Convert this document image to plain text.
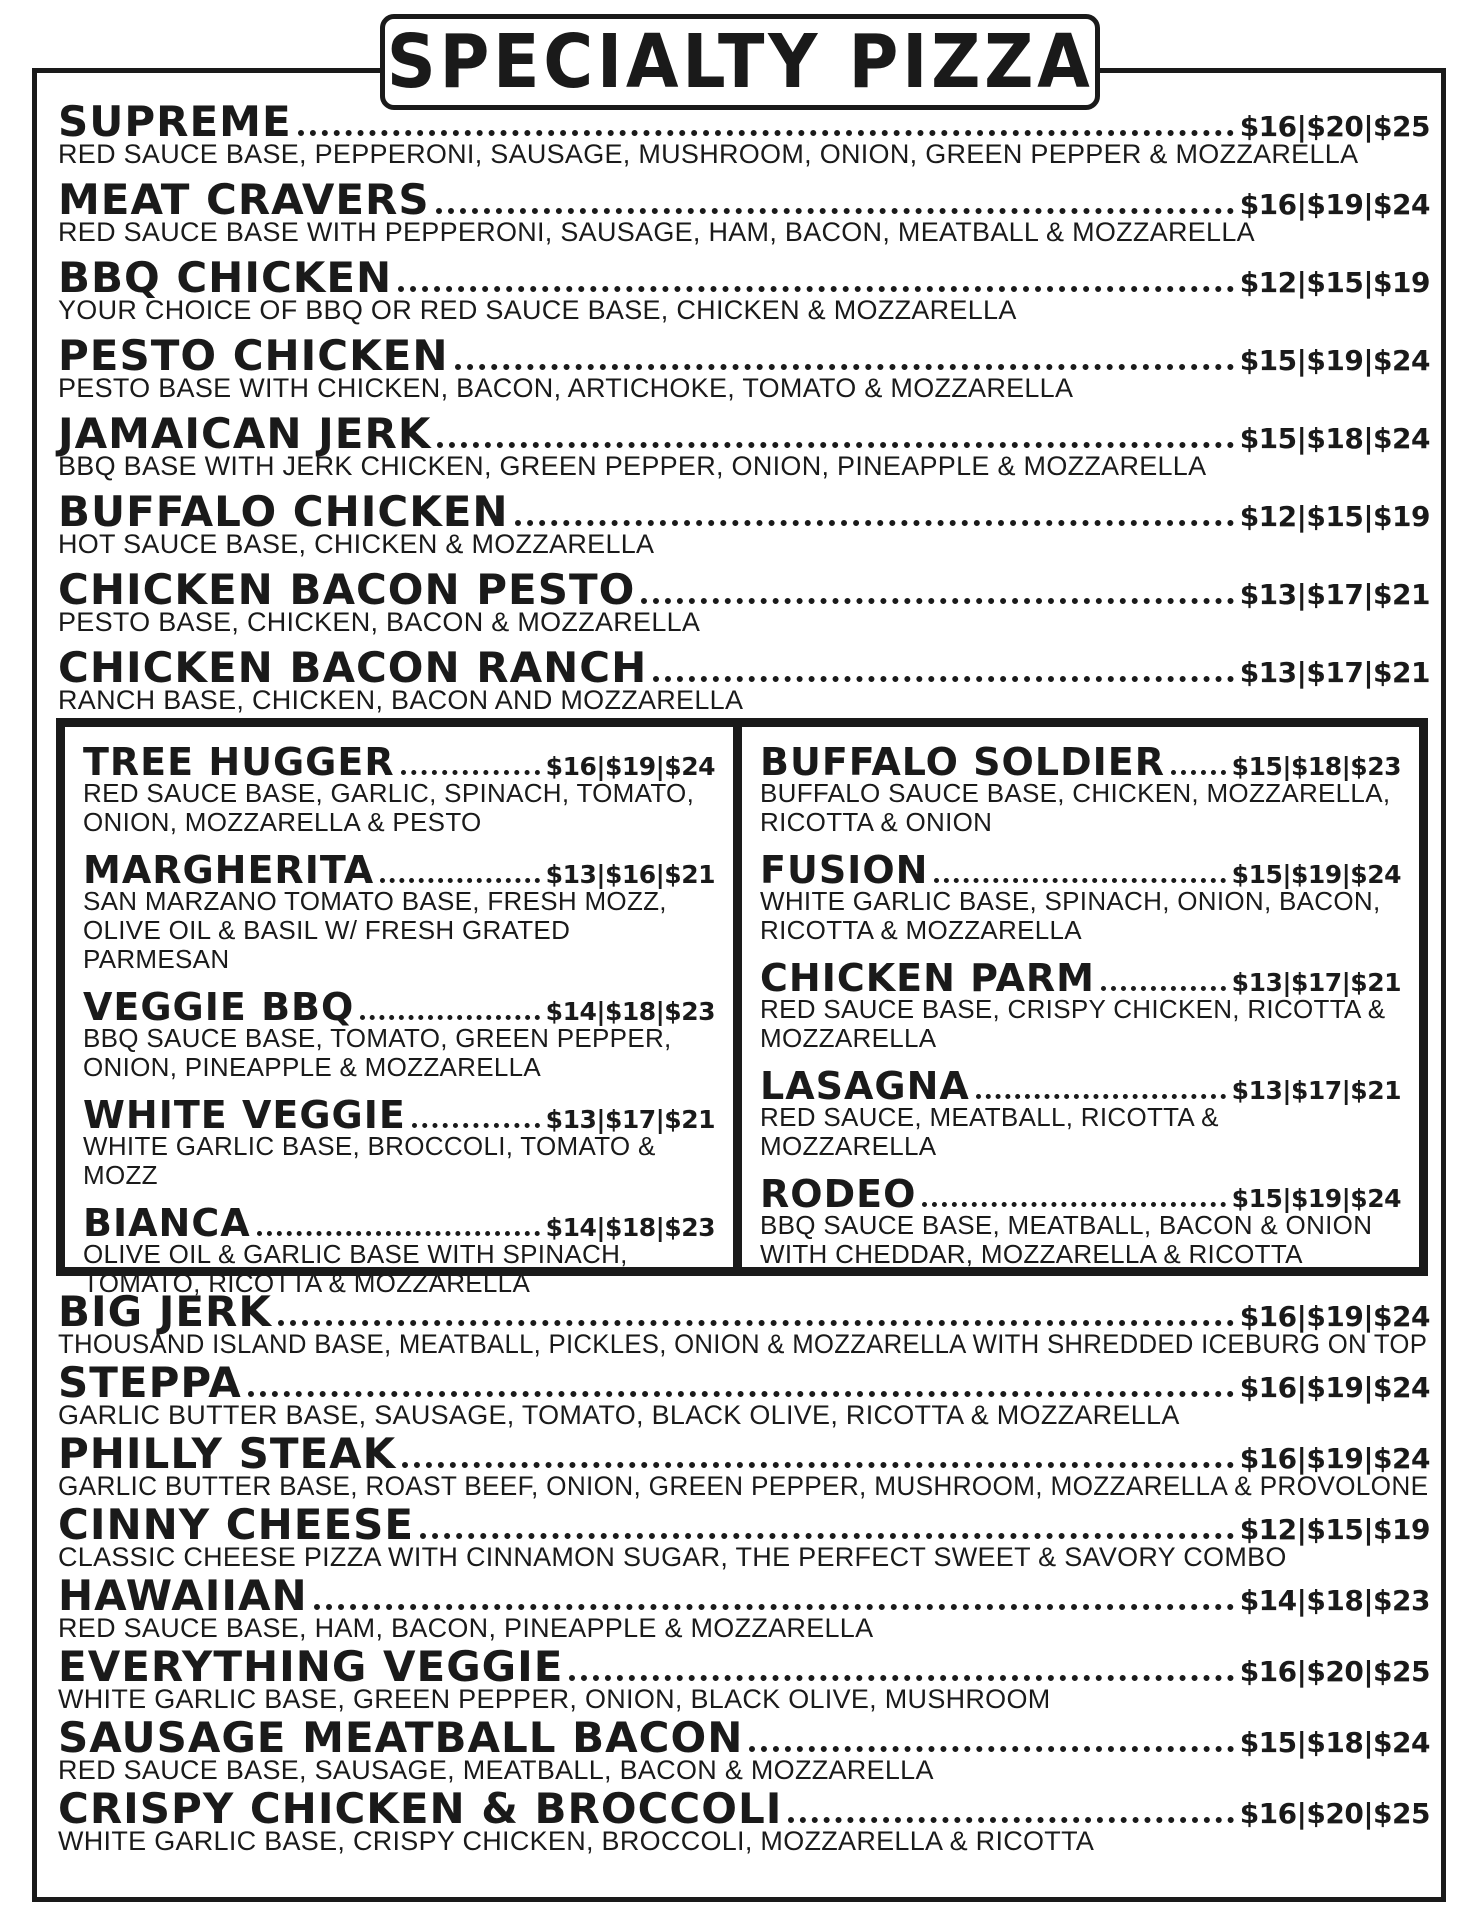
SPECIALTY PIZZA
SUPREME	$16|$20|$25
RED SAUCE BASE, PEPPERONI, SAUSAGE, MUSHROOM, ONION, GREEN PEPPER & MOZZARELLA
MEAT CRAVERS	$16|$19|$24
RED SAUCE BASE WITH PEPPERONI, SAUSAGE, HAM, BACON, MEATBALL & MOZZARELLA
BBQ CHICKEN	$12|$15|$19
YOUR CHOICE OF BBQ OR RED SAUCE BASE, CHICKEN & MOZZARELLA
PESTO CHICKEN	$15|$19|$24
PESTO BASE WITH CHICKEN, BACON, ARTICHOKE, TOMATO & MOZZARELLA
JAMAICAN JERK	$15|$18|$24
BBQ BASE WITH JERK CHICKEN, GREEN PEPPER, ONION, PINEAPPLE & MOZZARELLA
BUFFALO CHICKEN	$12|$15|$19
HOT SAUCE BASE, CHICKEN & MOZZARELLA
CHICKEN BACON PESTO	$13|$17|$21
PESTO BASE, CHICKEN, BACON & MOZZARELLA
CHICKEN BACON RANCH	$13|$17|$21
RANCH BASE, CHICKEN, BACON AND MOZZARELLA
TREE HUGGER	$16|$19|$24
RED SAUCE BASE, GARLIC, SPINACH, TOMATO, ONION, MOZZARELLA & PESTO
MARGHERITA	$13|$16|$21
SAN MARZANO TOMATO BASE, FRESH MOZZ, OLIVE OIL & BASIL W/ FRESH GRATED PARMESAN
VEGGIE BBQ	$14|$18|$23
BBQ SAUCE BASE, TOMATO, GREEN PEPPER, ONION, PINEAPPLE & MOZZARELLA
WHITE VEGGIE	$13|$17|$21
WHITE GARLIC BASE, BROCCOLI, TOMATO & MOZZ
BIANCA	$14|$18|$23
OLIVE OIL & GARLIC BASE WITH SPINACH, TOMATO, RICOTTA & MOZZARELLA
BUFFALO SOLDIER	$15|$18|$23
BUFFALO SAUCE BASE, CHICKEN, MOZZARELLA, RICOTTA & ONION
FUSION	$15|$19|$24
WHITE GARLIC BASE, SPINACH, ONION, BACON, RICOTTA & MOZZARELLA
CHICKEN PARM	$13|$17|$21
RED SAUCE BASE, CRISPY CHICKEN, RICOTTA & MOZZARELLA
LASAGNA	$13|$17|$21
RED SAUCE, MEATBALL, RICOTTA & MOZZARELLA
RODEO	$15|$19|$24
BBQ SAUCE BASE, MEATBALL, BACON & ONION WITH CHEDDAR, MOZZARELLA & RICOTTA
BIG JERK	$16|$19|$24
THOUSAND ISLAND BASE, MEATBALL, PICKLES, ONION & MOZZARELLA WITH SHREDDED ICEBURG ON TOP
STEPPA	$16|$19|$24
GARLIC BUTTER BASE, SAUSAGE, TOMATO, BLACK OLIVE, RICOTTA & MOZZARELLA
PHILLY STEAK	$16|$19|$24
GARLIC BUTTER BASE, ROAST BEEF, ONION, GREEN PEPPER, MUSHROOM, MOZZARELLA & PROVOLONE
CINNY CHEESE	$12|$15|$19
CLASSIC CHEESE PIZZA WITH CINNAMON SUGAR, THE PERFECT SWEET & SAVORY COMBO
HAWAIIAN	$14|$18|$23
RED SAUCE BASE, HAM, BACON, PINEAPPLE & MOZZARELLA
EVERYTHING VEGGIE	$16|$20|$25
WHITE GARLIC BASE, GREEN PEPPER, ONION, BLACK OLIVE, MUSHROOM
SAUSAGE MEATBALL BACON	$15|$18|$24
RED SAUCE BASE, SAUSAGE, MEATBALL, BACON & MOZZARELLA
CRISPY CHICKEN & BROCCOLI	$16|$20|$25
WHITE GARLIC BASE, CRISPY CHICKEN, BROCCOLI, MOZZARELLA & RICOTTA
